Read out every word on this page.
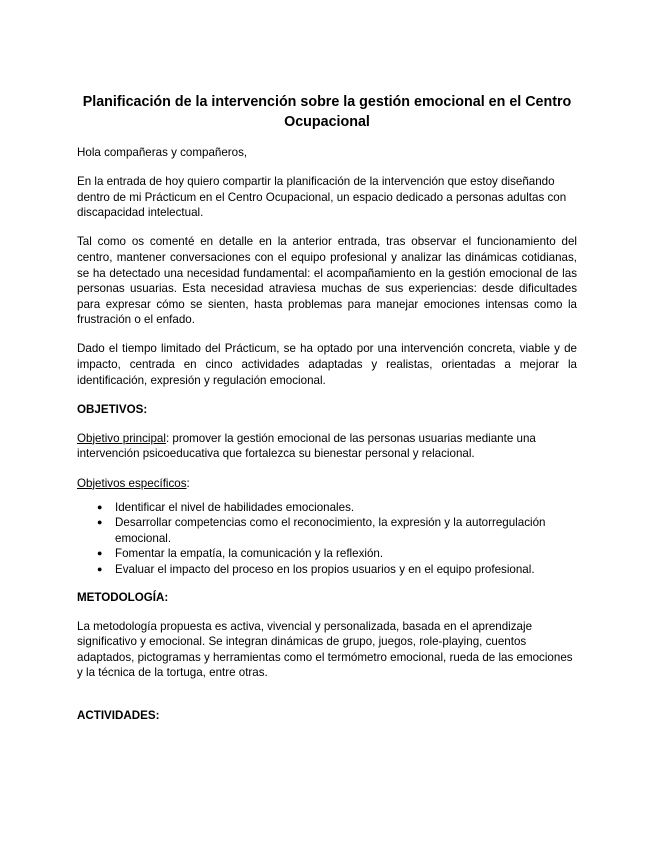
Planificación de la intervención sobre la gestión emocional en el Centro Ocupacional

Hola compañeras y compañeros,

En la entrada de hoy quiero compartir la planificación de la intervención que estoy diseñando dentro de mi Prácticum en el Centro Ocupacional, un espacio dedicado a personas adultas con discapacidad intelectual.

Tal como os comenté en detalle en la anterior entrada, tras observar el funcionamiento del centro, mantener conversaciones con el equipo profesional y analizar las dinámicas cotidianas, se ha detectado una necesidad fundamental: el acompañamiento en la gestión emocional de las personas usuarias. Esta necesidad atraviesa muchas de sus experiencias: desde dificultades para expresar cómo se sienten, hasta problemas para manejar emociones intensas como la frustración o el enfado.

Dado el tiempo limitado del Prácticum, se ha optado por una intervención concreta, viable y de impacto, centrada en cinco actividades adaptadas y realistas, orientadas a mejorar la identificación, expresión y regulación emocional.

OBJETIVOS:

Objetivo principal: promover la gestión emocional de las personas usuarias mediante una intervención psicoeducativa que fortalezca su bienestar personal y relacional.

Objetivos específicos:

● Identificar el nivel de habilidades emocionales.
● Desarrollar competencias como el reconocimiento, la expresión y la autorregulación emocional.
● Fomentar la empatía, la comunicación y la reflexión.
● Evaluar el impacto del proceso en los propios usuarios y en el equipo profesional.
METODOLOGÍA:

La metodología propuesta es activa, vivencial y personalizada, basada en el aprendizaje significativo y emocional. Se integran dinámicas de grupo, juegos, role-playing, cuentos adaptados, pictogramas y herramientas como el termómetro emocional, rueda de las emociones y la técnica de la tortuga, entre otras.

ACTIVIDADES:
